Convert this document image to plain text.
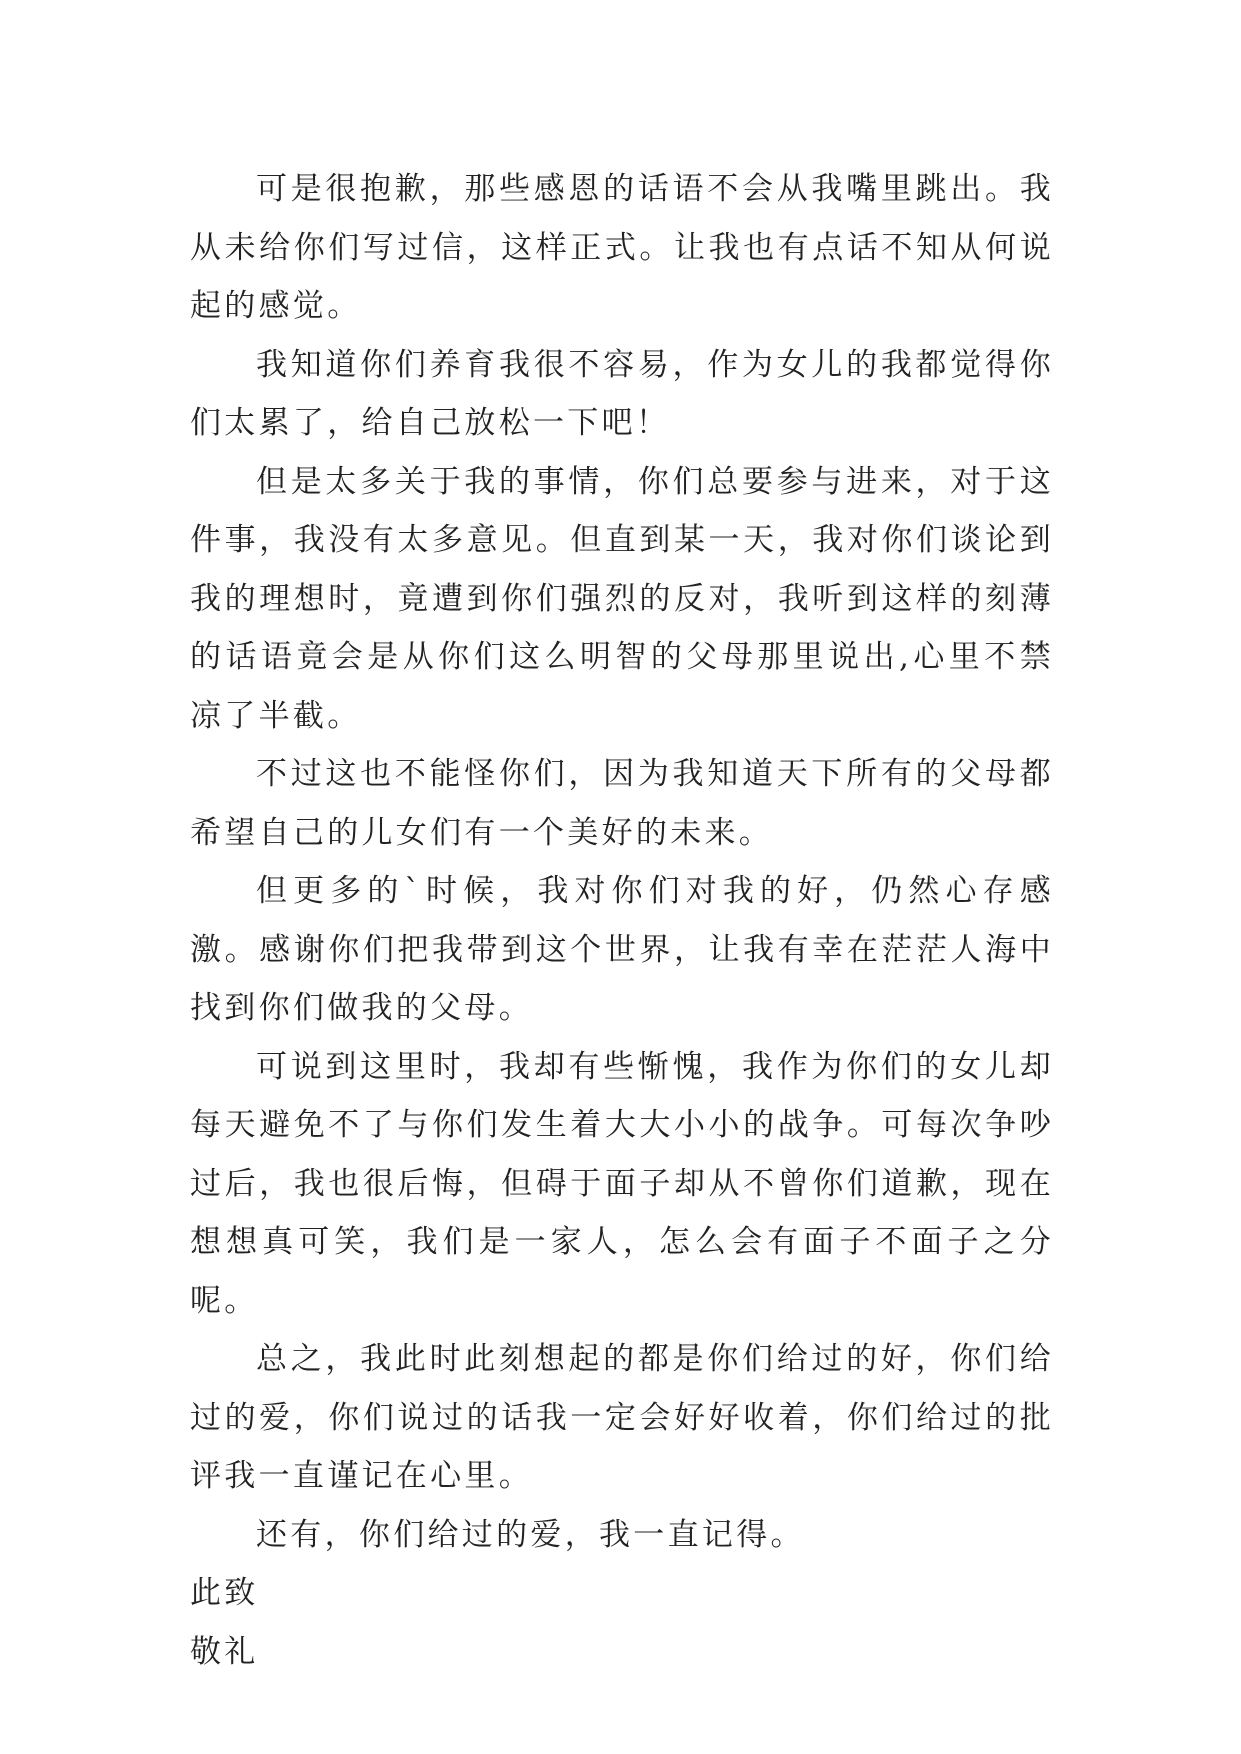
可是很抱歉，那些感恩的话语不会从我嘴里跳出。我从未给你们写过信，这样正式。让我也有点话不知从何说起的感觉。

我知道你们养育我很不容易，作为女儿的我都觉得你们太累了，给自己放松一下吧！

但是太多关于我的事情，你们总要参与进来，对于这件事，我没有太多意见。但直到某一天，我对你们谈论到我的理想时，竟遭到你们强烈的反对，我听到这样的刻薄的话语竟会是从你们这么明智的父母那里说出,心里不禁凉了半截。

不过这也不能怪你们，因为我知道天下所有的父母都希望自己的儿女们有一个美好的未来。

但更多的`时候，我对你们对我的好，仍然心存感激。感谢你们把我带到这个世界，让我有幸在茫茫人海中找到你们做我的父母。

可说到这里时，我却有些惭愧，我作为你们的女儿却每天避免不了与你们发生着大大小小的战争。可每次争吵过后，我也很后悔，但碍于面子却从不曾你们道歉，现在想想真可笑，我们是一家人，怎么会有面子不面子之分呢。

总之，我此时此刻想起的都是你们给过的好，你们给过的爱，你们说过的话我一定会好好收着，你们给过的批评我一直谨记在心里。

还有，你们给过的爱，我一直记得。

此致

敬礼
